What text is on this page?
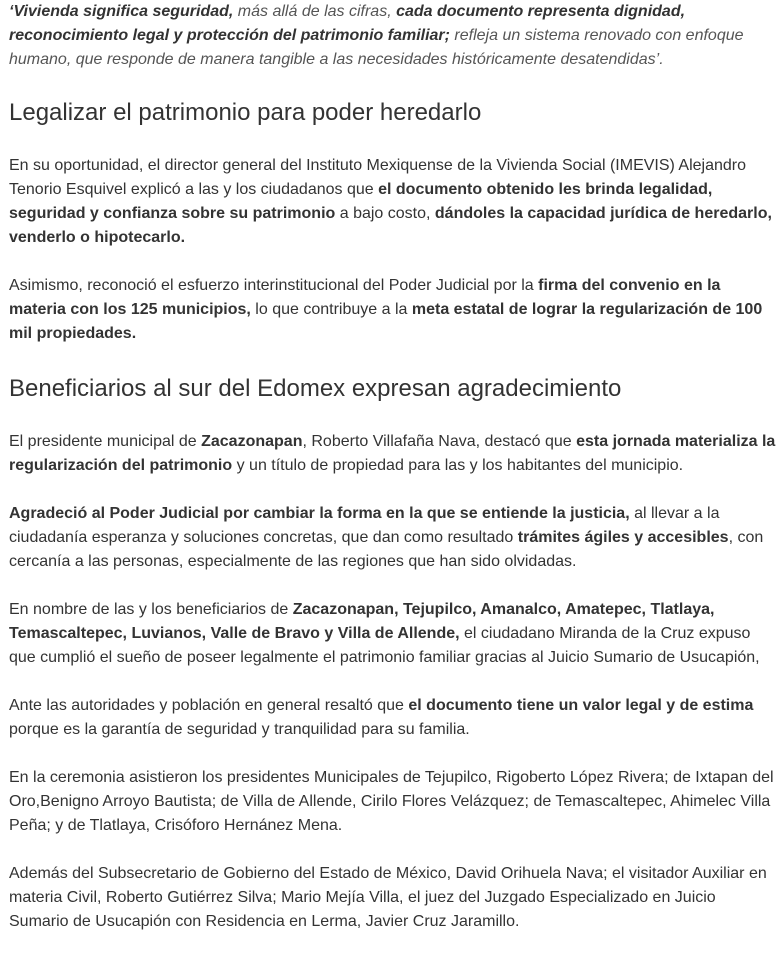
‘Vivienda significa seguridad, más allá de las cifras, cada documento representa dignidad, reconocimiento legal y protección del patrimonio familiar; refleja un sistema renovado con enfoque humano, que responde de manera tangible a las necesidades históricamente desatendidas’.

Legalizar el patrimonio para poder heredarlo

En su oportunidad, el director general del Instituto Mexiquense de la Vivienda Social (IMEVIS) Alejandro Tenorio Esquivel explicó a las y los ciudadanos que el documento obtenido les brinda legalidad, seguridad y confianza sobre su patrimonio a bajo costo, dándoles la capacidad jurídica de heredarlo, venderlo o hipotecarlo.

Asimismo, reconoció el esfuerzo interinstitucional del Poder Judicial por la firma del convenio en la materia con los 125 municipios, lo que contribuye a la meta estatal de lograr la regularización de 100 mil propiedades.

Beneficiarios al sur del Edomex expresan agradecimiento

El presidente municipal de Zacazonapan, Roberto Villafaña Nava, destacó que esta jornada materializa la regularización del patrimonio y un título de propiedad para las y los habitantes del municipio.

Agradeció al Poder Judicial por cambiar la forma en la que se entiende la justicia, al llevar a la ciudadanía esperanza y soluciones concretas, que dan como resultado trámites ágiles y accesibles, con cercanía a las personas, especialmente de las regiones que han sido olvidadas.

En nombre de las y los beneficiarios de Zacazonapan, Tejupilco, Amanalco, Amatepec, Tlatlaya, Temascaltepec, Luvianos, Valle de Bravo y Villa de Allende, el ciudadano Miranda de la Cruz expuso que cumplió el sueño de poseer legalmente el patrimonio familiar gracias al Juicio Sumario de Usucapión,

Ante las autoridades y población en general resaltó que el documento tiene un valor legal y de estima porque es la garantía de seguridad y tranquilidad para su familia.

En la ceremonia asistieron los presidentes Municipales de Tejupilco, Rigoberto López Rivera; de Ixtapan del Oro,Benigno Arroyo Bautista; de Villa de Allende, Cirilo Flores Velázquez; de Temascaltepec, Ahimelec Villa Peña; y de Tlatlaya, Crisóforo Hernánez Mena.

Además del Subsecretario de Gobierno del Estado de México, David Orihuela Nava; el visitador Auxiliar en materia Civil, Roberto Gutiérrez Silva; Mario Mejía Villa, el juez del Juzgado Especializado en Juicio Sumario de Usucapión con Residencia en Lerma, Javier Cruz Jaramillo.
